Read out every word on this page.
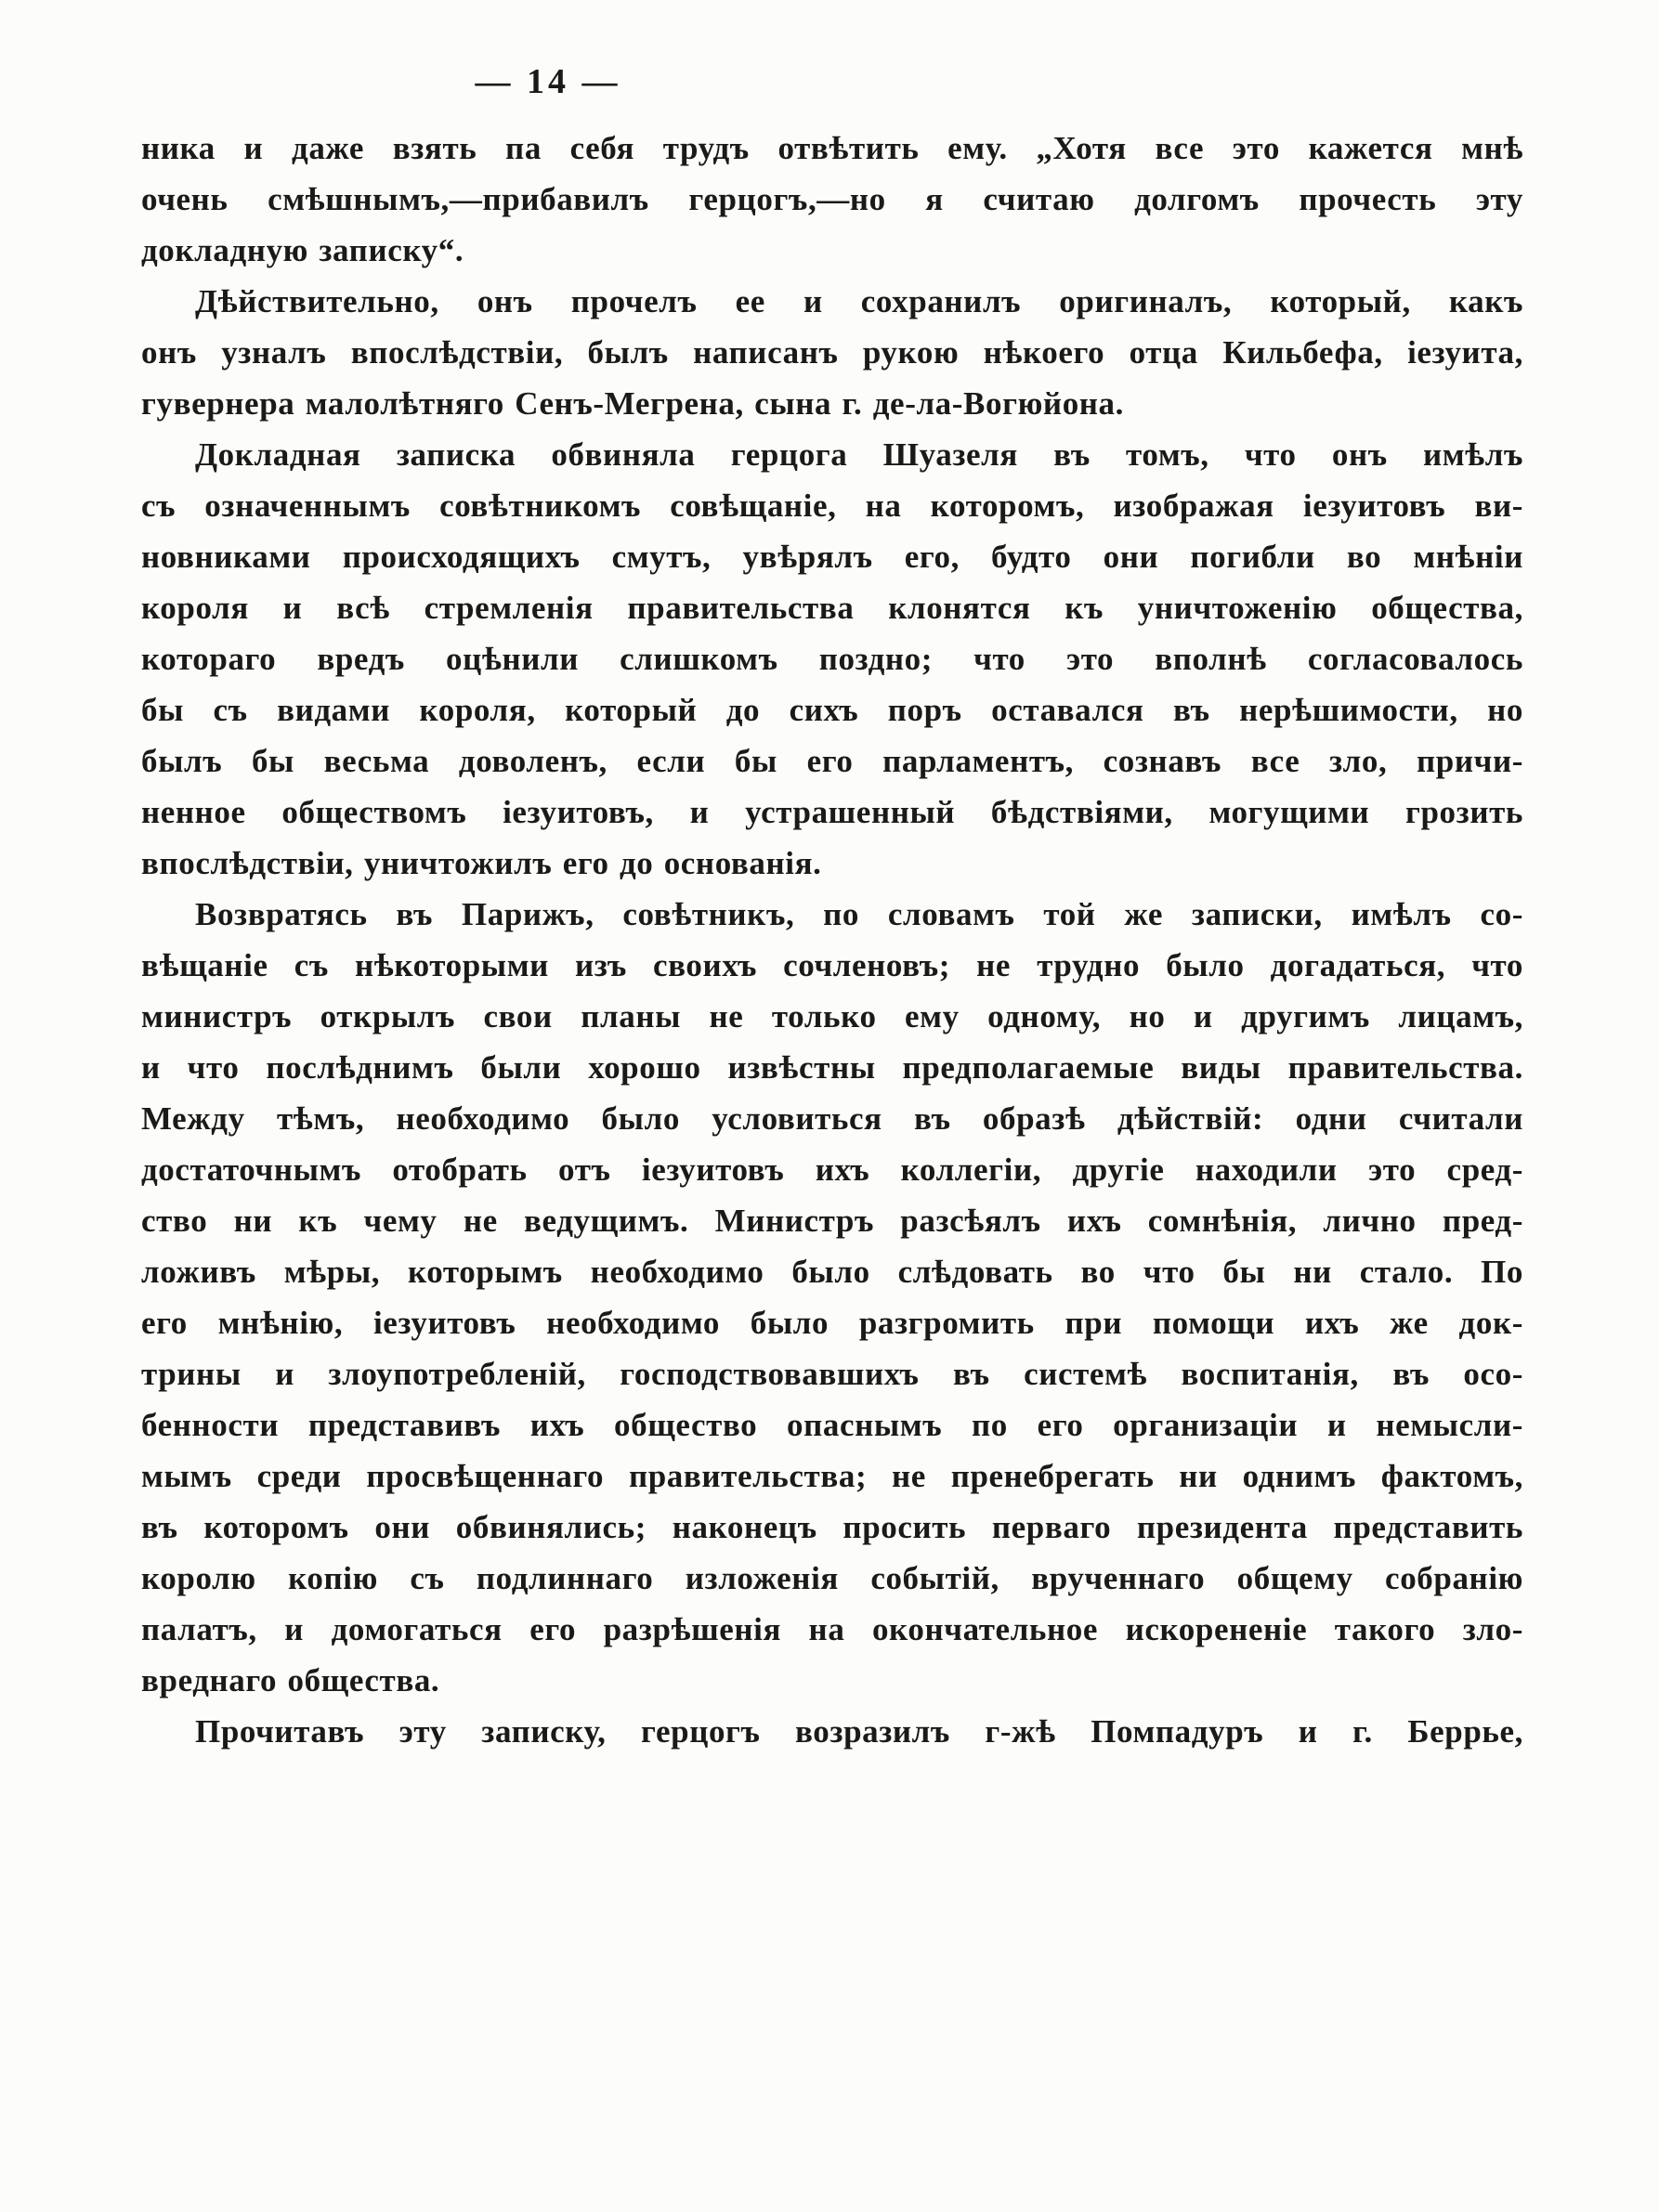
— 14 —
ника и даже взять па себя трудъ отвѣтить ему. „Хотя все это кажется мнѣ
очень смѣшнымъ,—прибавилъ герцогъ,—но я считаю долгомъ прочесть эту
докладную записку“.
Дѣйствительно, онъ прочелъ ее и сохранилъ оригиналъ, который, какъ
онъ узналъ впослѣдствіи, былъ написанъ рукою нѣкоего отца Кильбефа, іезуита,
гувернера малолѣтняго Сенъ-Мегрена, сына г. де-ла-Вогюйона.
Докладная записка обвиняла герцога Шуазеля въ томъ, что онъ имѣлъ
съ означеннымъ совѣтникомъ совѣщаніе, на которомъ, изображая іезуитовъ ви-
новниками происходящихъ смутъ, увѣрялъ его, будто они погибли во мнѣніи
короля и всѣ стремленія правительства клонятся къ уничтоженію общества,
котораго вредъ оцѣнили слишкомъ поздно; что это вполнѣ согласовалось
бы съ видами короля, который до сихъ поръ оставался въ нерѣшимости, но
былъ бы весьма доволенъ, если бы его парламентъ, сознавъ все зло, причи-
ненное обществомъ іезуитовъ, и устрашенный бѣдствіями, могущими грозить
впослѣдствіи, уничтожилъ его до основанія.
Возвратясь въ Парижъ, совѣтникъ, по словамъ той же записки, имѣлъ со-
вѣщаніе съ нѣкоторыми изъ своихъ сочленовъ; не трудно было догадаться, что
министръ открылъ свои планы не только ему одному, но и другимъ лицамъ,
и что послѣднимъ были хорошо извѣстны предполагаемые виды правительства.
Между тѣмъ, необходимо было условиться въ образѣ дѣйствій: одни считали
достаточнымъ отобрать отъ іезуитовъ ихъ коллегіи, другіе находили это сред-
ство ни къ чему не ведущимъ. Министръ разсѣялъ ихъ сомнѣнія, лично пред-
ложивъ мѣры, которымъ необходимо было слѣдовать во что бы ни стало. По
его мнѣнію, іезуитовъ необходимо было разгромить при помощи ихъ же док-
трины и злоупотребленій, господствовавшихъ въ системѣ воспитанія, въ осо-
бенности представивъ ихъ общество опаснымъ по его организаціи и немысли-
мымъ среди просвѣщеннаго правительства; не пренебрегать ни однимъ фактомъ,
въ которомъ они обвинялись; наконецъ просить перваго президента представить
королю копію съ подлиннаго изложенія событій, врученнаго общему собранію
палатъ, и домогаться его разрѣшенія на окончательное искорененіе такого зло-
вреднаго общества.
Прочитавъ эту записку, герцогъ возразилъ г-жѣ Помпадуръ и г. Беррье,
